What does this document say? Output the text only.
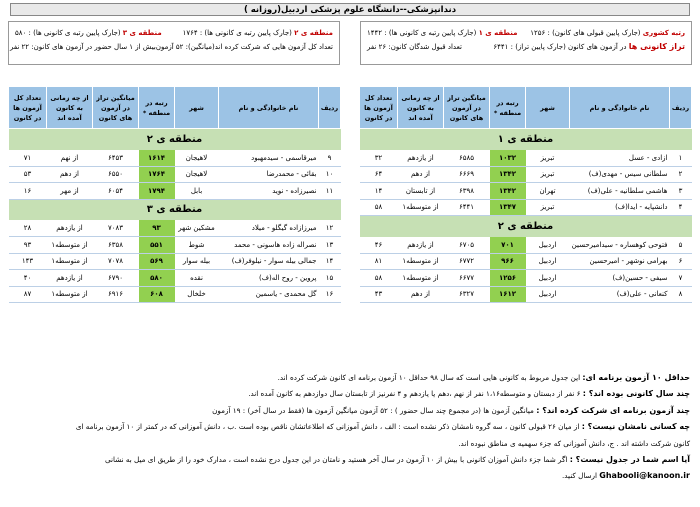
دندانپزشکی--دانشگاه علوم پزشکی اردبیل(روزانه )
رتبه کشوری (جارک پایین قبولی های کانون) : ۱۲۵۶
منطقه ی ۱ (جارک پایین رتبه ی کانونی ها) : ۱۴۴۲
تراز کانونی ها در آزمون های کانون (جارک پایین تراز) : ۶۴۴۱
تعداد قبول شدگان کانون: ۲۶ نفر
منطقه ی ۲ (جارک پایین رتبه ی کانونی ها) : ۱۷۶۴
منطقه ی ۳ (جارک پایین رتبه ی کانونی ها) : ۵۸۰
تعداد کل آزمون هایی که شرکت کرده اند(میانگین): ۵۲ آزمون
بیش از ۱ سال حضور در آزمون های کانون: ۲۲ نفر
ردیف	نام خانوادگی و نام	شهر	رتبه در منطقه *	میانگین تراز در آزمون های کانون	از چه زمانی به کانون آمده اند	تعداد کل آزمون ها در کانون
منطقه ی ۱						
۱	ازادی - عسل	تبریز	۱۰۳۲	۶۵۸۵	از یازدهم	۳۲
۲	سلطانی سیس - مهدی(ف)	تبریز	۱۳۴۲	۶۶۶۹	از دهم	۶۴
۳	هاشمی سلطانیه - علی(ف)	تهران	۱۳۴۲	۶۳۹۸	از تابستان	۱۴
۴	دانشپایه - ایدا(ف)	تبریز	۱۳۴۷	۶۴۴۱	از متوسطه۱	۵۸
منطقه ی ۲						
۵	فتوحی کوهساره - سیدامیرحسین	اردبیل	۷۰۱	۶۷۰۵	از یازدهم	۴۶
۶	بهرامی نوشهر - امیرحسین	اردبیل	۹۶۶	۶۷۷۲	از متوسطه۱	۸۱
۷	سیفی - حسین(ف)	اردبیل	۱۲۵۶	۶۶۷۷	از متوسطه۱	۵۸
۸	کنعانی - علی(ف)	اردبیل	۱۶۱۲	۶۳۲۷	از دهم	۴۳
ردیف	نام خانوادگی و نام	شهر	رتبه در منطقه *	میانگین تراز در آزمون های کانون	از چه زمانی به کانون آمده اند	تعداد کل آزمون ها در کانون
منطقه ی ۲						
۹	میرقاسمی - سیدمهبود	لاهیجان	۱۶۱۴	۶۴۵۳	از نهم	۷۱
۱۰	بقائی - محمدرضا	لاهیجان	۱۷۶۴	۶۵۵۰	از دهم	۵۳
۱۱	نصیرزاده - نوید	بابل	۱۷۹۴	۶۰۵۴	از مهر	۱۶
منطقه ی ۳						
۱۲	میرزازاده گیگلو - میلاد	مشکین شهر	۹۳	۷۰۸۳	از یازدهم	۲۸
۱۳	نصراله زاده هاسونی - محمد	شوط	۵۵۱	۶۳۵۸	از متوسطه۱	۹۳
۱۴	جمالی بیله سوار - نیلوفر(ف)	بیله سوار	۵۶۹	۷۰۷۸	از متوسطه۱	۱۴۳
۱۵	پروین - روح اله(ف)	نقده	۵۸۰	۶۷۹۰	از یازدهم	۴۰
۱۶	گل محمدی - یاسمین	خلخال	۶۰۸	۶۹۱۶	از متوسطه۱	۸۷

حداقل ۱۰ آزمون برنامه ای: این جدول مربوط به کانونی هایی است که سال ۹۸ حداقل ۱۰ آزمون برنامه ای کانون شرکت کرده اند.

چند سال کانونی بوده اند؟ : ۶ نفر از دبستان و متوسطه۱،۱۶ نفر از نهم ،دهم یا یازدهم و ۴ نفرنیز از تابستان سال دوازدهم به کانون آمده اند.

چند آزمون برنامه ای شرکت کرده اند؟ : میانگین آزمون ها (در مجموع چند سال حضور ) : ۵۲ آزمون میانگین آزمون ها (فقط در سال آخر) : ۱۹ آزمون

چه کسانی نامشان نیست؟ : از میان ۲۶ قبولی کانون ، سه گروه نامشان ذکر نشده است : الف ، دانش آموزانی که اطلاعاتشان ناقص بوده است .ب ، دانش آموزانی که در کمتر از ۱۰ آزمون برنامه ای

کانون شرکت داشته اند . ج، دانش آموزانی که جزء سهمیه ی مناطق نبوده اند.

آیا اسم شما در جدول نیست؟ : اگر شما جزء دانش آموزان کانونی با بیش از ۱۰ آزمون در سال آخر هستید و نامتان در این جدول درج نشده است ، مدارک خود را از طریق ای میل به نشانی

Ghabooli@kanoon.ir ارسال کنید.
